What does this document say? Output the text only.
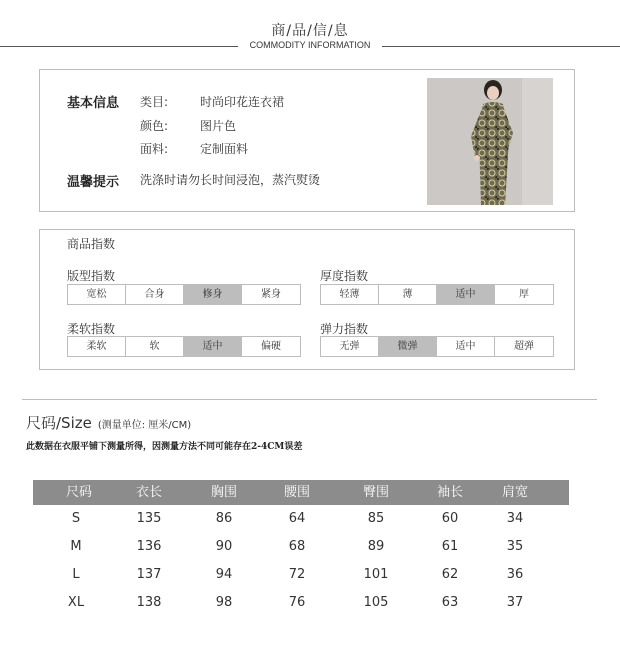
商/品/信/息
COMMODITY INFORMATION
基本信息 类目:	时尚印花连衣裙
颜色:	图片色
面料:	定制面料
温馨提示 洗涤时请勿长时间浸泡，蒸汽熨烫
商品指数
版型指数
宽松	合身	修身	紧身
厚度指数
轻薄	薄	适中	厚
柔软指数
柔软	软	适中	偏硬
弹力指数
无弹	微弹	适中	超弹
尺码/Size (测量单位: 厘米/CM)
此数据在衣服平铺下测量所得，因测量方法不同可能存在2-4CM误差
尺码	衣长	胸围	腰围	臀围	袖长	肩宽
S	135	86	64	85	60	34
M	136	90	68	89	61	35
L	137	94	72	101	62	36
XL	138	98	76	105	63	37
